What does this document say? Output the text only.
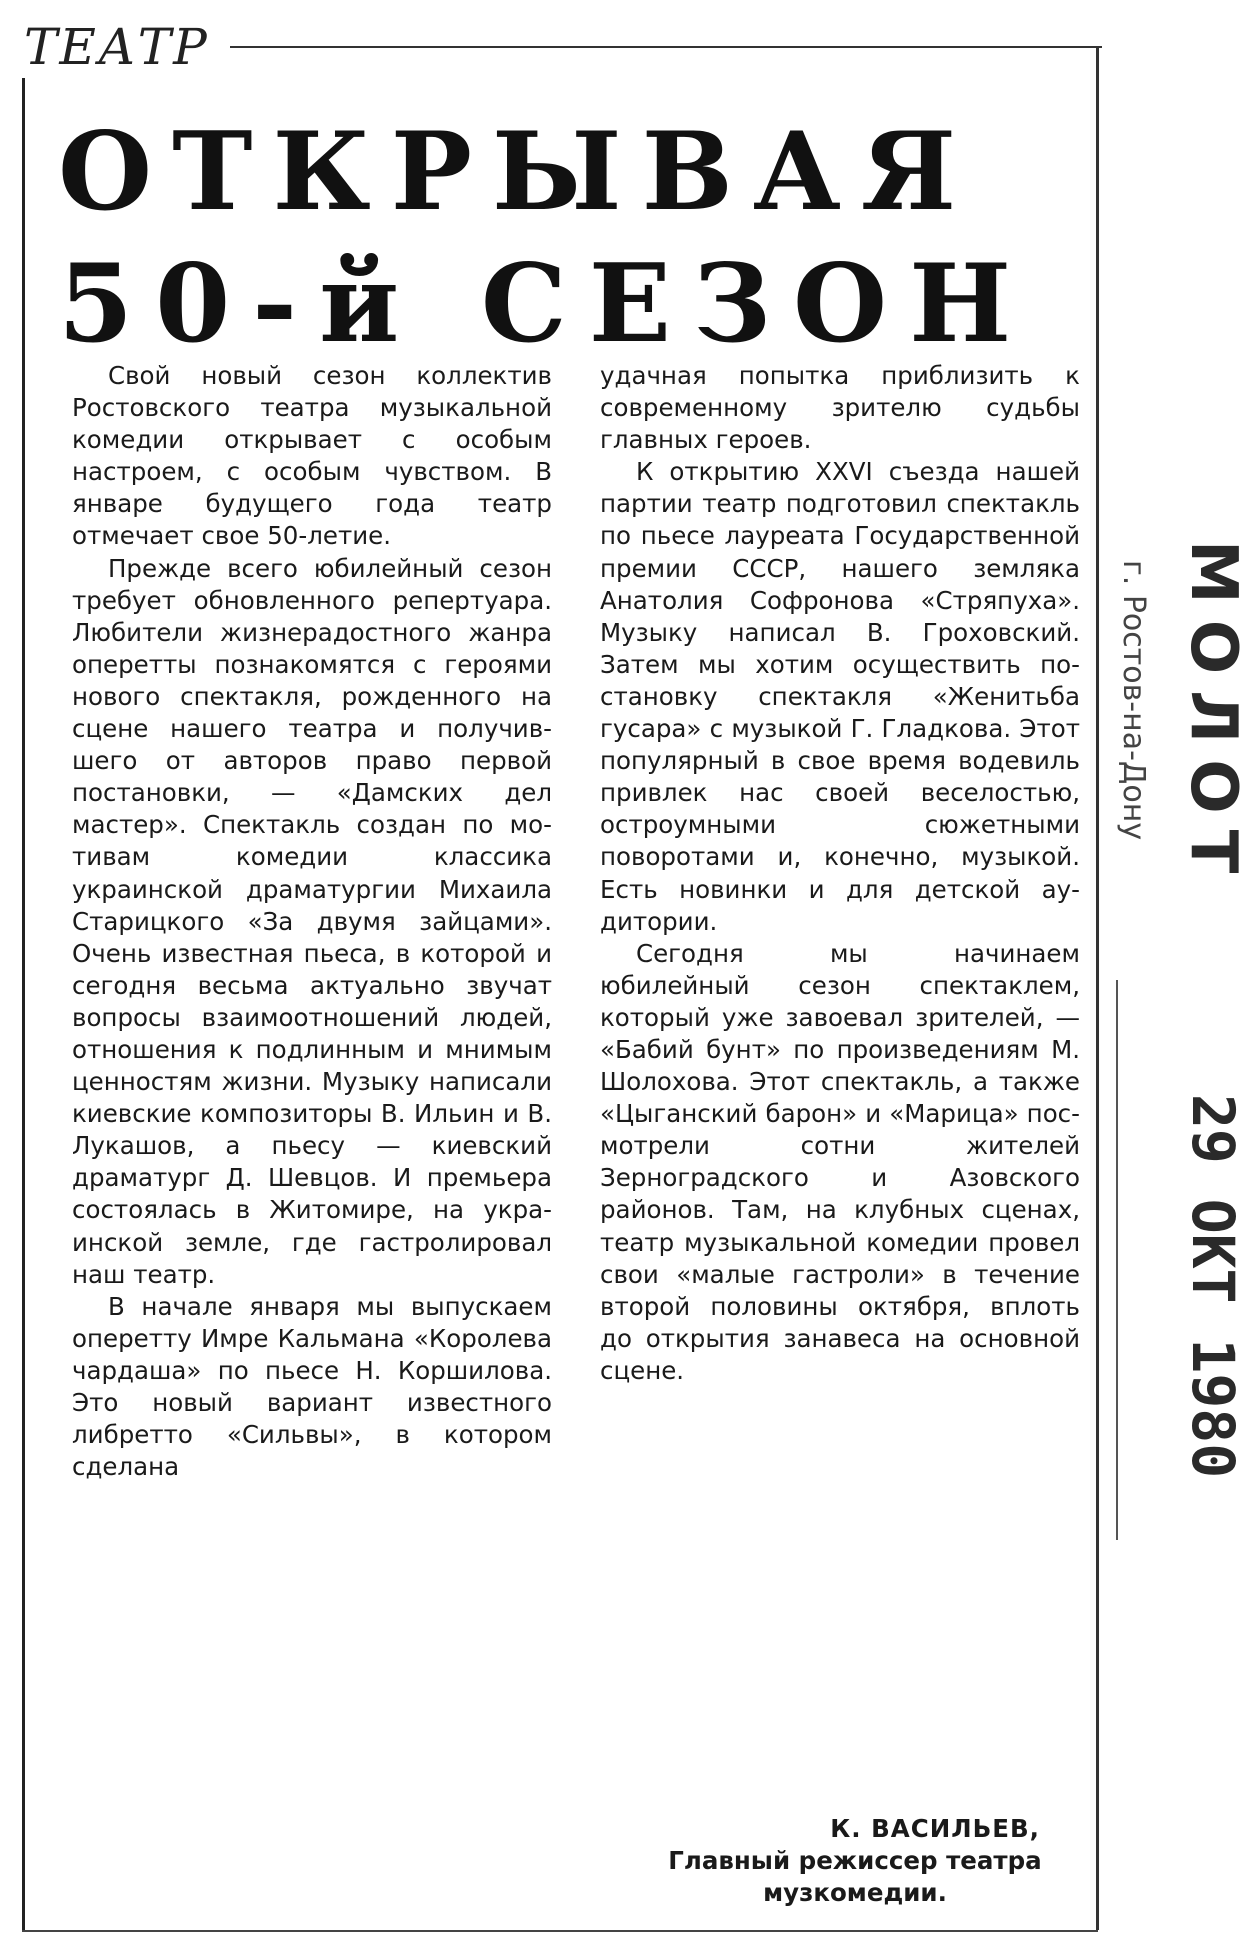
ТЕАТР
ОТКРЫВАЯ
50-й СЕЗОН

Свой новый сезон коллектив Ростовского театра музыкальной комедии открывает с особым настроем, с особым чувством. В январе будущего года театр отмечает свое 50-летие.

Прежде всего юбилейный сезон требует обновленного репертуара. Любители жизнерадостного жанра оперетты познакомятся с героями нового спектакля, рожденного на сцене нашего театра и получившего от авторов право первой постановки, — «Дамских дел мастер». Спектакль создан по мотивам комедии классика украинской драматургии Михаила Старицкого «За двумя зайцами». Очень известная пьеса, в которой и сегодня весьма актуально звучат вопросы взаимоотношений людей, отношения к подлинным и мнимым ценностям жизни. Музыку написали киевские композиторы В. Ильин и В. Лукашов, а пьесу — киевский драматург Д. Шевцов. И премьера состоялась в Житомире, на украинской земле, где гастролировал наш театр.

В начале января мы выпускаем оперетту Имре Кальмана «Королева чардаша» по пьесе Н. Коршилова. Это новый вариант известного либретто «Сильвы», в котором сделана

удачная попытка приблизить к современному зрителю судьбы главных героев.

К открытию XXVI съезда нашей партии театр подготовил спектакль по пьесе лауреата Государственной премии СССР, нашего земляка Анатолия Софронова «Стряпуха». Музыку написал В. Гроховский. Затем мы хотим осуществить постановку спектакля «Женитьба гусара» с музыкой Г. Гладкова. Этот популярный в свое время водевиль привлек нас своей веселостью, остроумными сюжетными поворотами и, конечно, музыкой. Есть новинки и для детской аудитории.

Сегодня мы начинаем юбилейный сезон спектаклем, который уже завоевал зрителей, — «Бабий бунт» по произведениям М. Шолохова. Этот спектакль, а также «Цыганский барон» и «Марица» посмотрели сотни жителей Зерноградского и Азовского районов. Там, на клубных сценах, театр музыкальной комедии провел свои «малые гастроли» в течение второй половины октября, вплоть до открытия занавеса на основной сцене.

К. ВАСИЛЬЕВ,
Главный режиссер театра музкомедии.
г. Ростов-на-Дону МОЛОТ 29 ОКТ 1980
